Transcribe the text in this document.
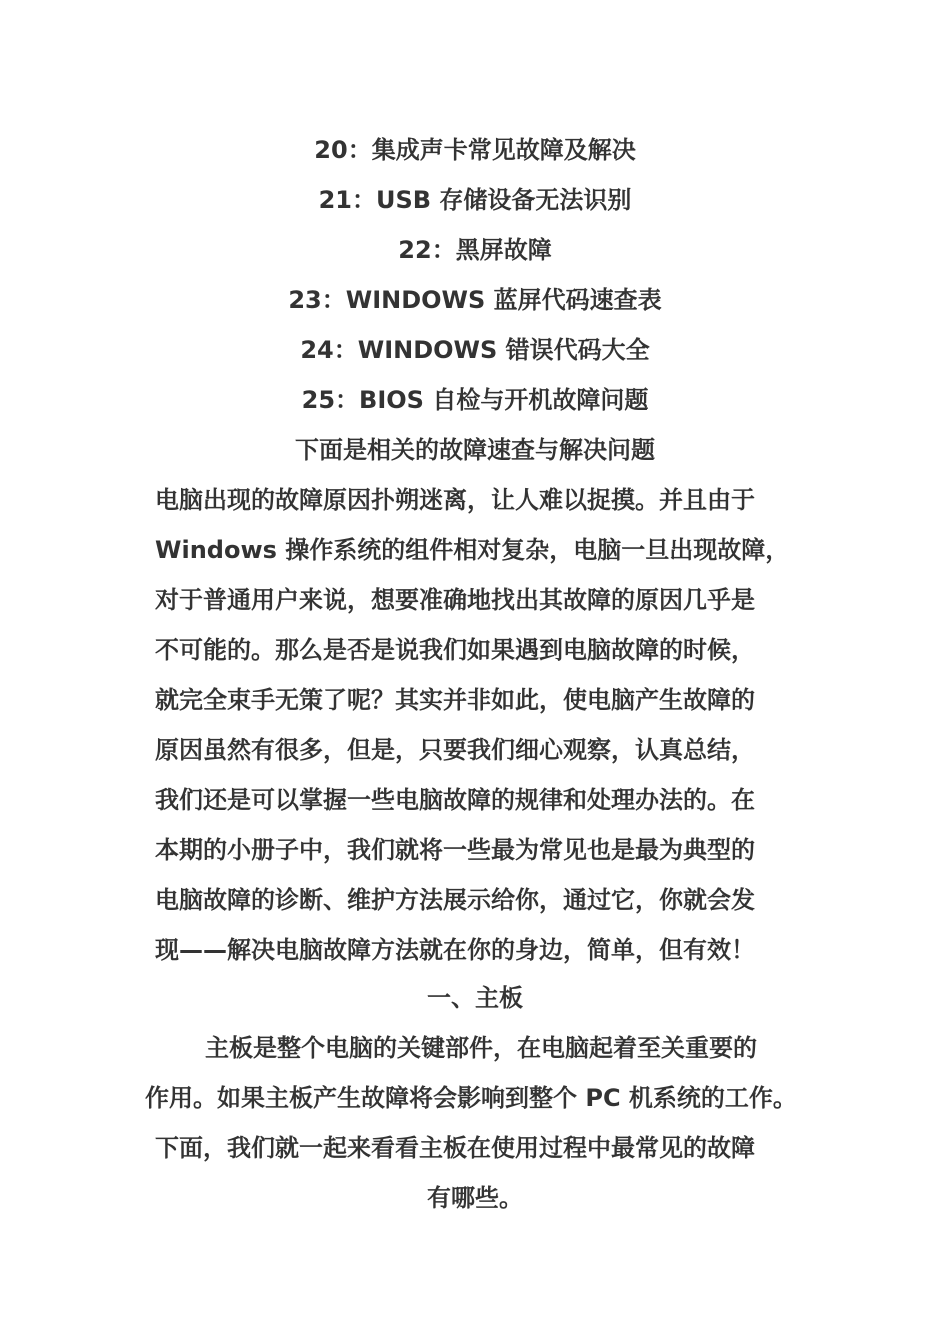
20：集成声卡常见故障及解决
21：USB 存储设备无法识别
22：黑屏故障
23：WINDOWS 蓝屏代码速查表
24：WINDOWS 错误代码大全
25：BIOS 自检与开机故障问题
下面是相关的故障速查与解决问题
电脑出现的故障原因扑朔迷离，让人难以捉摸。并且由于
Windows 操作系统的组件相对复杂，电脑一旦出现故障，
对于普通用户来说，想要准确地找出其故障的原因几乎是
不可能的。那么是否是说我们如果遇到电脑故障的时候，
就完全束手无策了呢？其实并非如此，使电脑产生故障的
原因虽然有很多，但是，只要我们细心观察，认真总结，
我们还是可以掌握一些电脑故障的规律和处理办法的。在
本期的小册子中，我们就将一些最为常见也是最为典型的
电脑故障的诊断、维护方法展示给你，通过它，你就会发
现——解决电脑故障方法就在你的身边，简单，但有效！
一、主板
主板是整个电脑的关键部件，在电脑起着至关重要的
作用。如果主板产生故障将会影响到整个 PC 机系统的工作。
下面，我们就一起来看看主板在使用过程中最常见的故障
有哪些。
